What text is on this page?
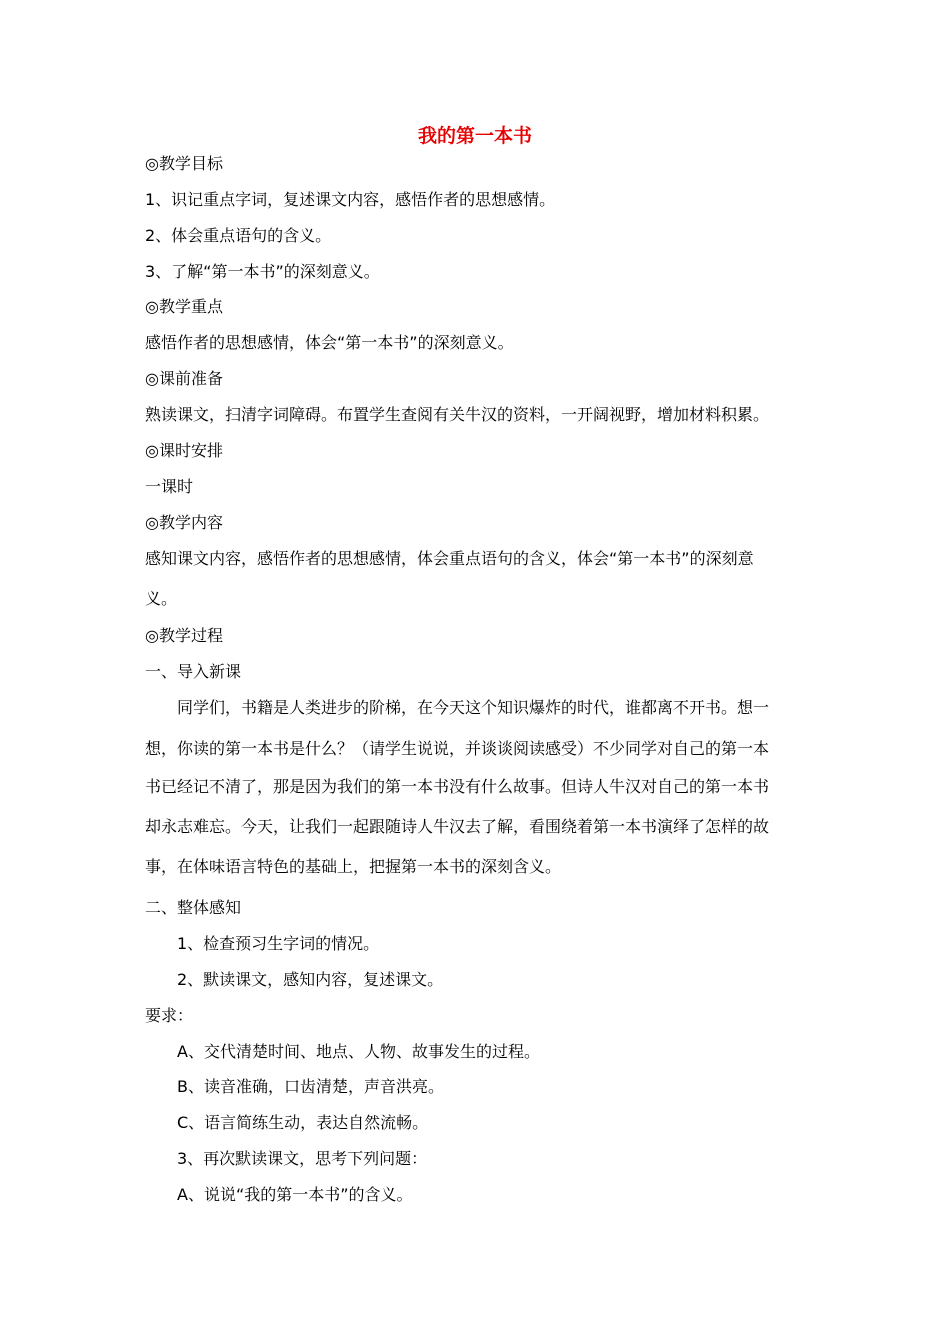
我的第一本书
◎教学目标
1、识记重点字词，复述课文内容，感悟作者的思想感情。
2、体会重点语句的含义。
3、了解“第一本书”的深刻意义。
◎教学重点
感悟作者的思想感情，体会“第一本书”的深刻意义。
◎课前准备
熟读课文，扫清字词障碍。布置学生查阅有关牛汉的资料，一开阔视野，增加材料积累。
◎课时安排
一课时
◎教学内容
感知课文内容，感悟作者的思想感情，体会重点语句的含义，体会“第一本书”的深刻意
义。
◎教学过程
一、导入新课
同学们，书籍是人类进步的阶梯，在今天这个知识爆炸的时代，谁都离不开书。想一
想，你读的第一本书是什么？（请学生说说，并谈谈阅读感受）不少同学对自己的第一本
书已经记不清了，那是因为我们的第一本书没有什么故事。但诗人牛汉对自己的第一本书
却永志难忘。今天，让我们一起跟随诗人牛汉去了解，看围绕着第一本书演绎了怎样的故
事，在体味语言特色的基础上，把握第一本书的深刻含义。
二、整体感知
1、检查预习生字词的情况。
2、默读课文，感知内容，复述课文。
要求：
A、交代清楚时间、地点、人物、故事发生的过程。
B、读音准确，口齿清楚，声音洪亮。
C、语言简练生动，表达自然流畅。
3、再次默读课文，思考下列问题：
A、说说“我的第一本书”的含义。
